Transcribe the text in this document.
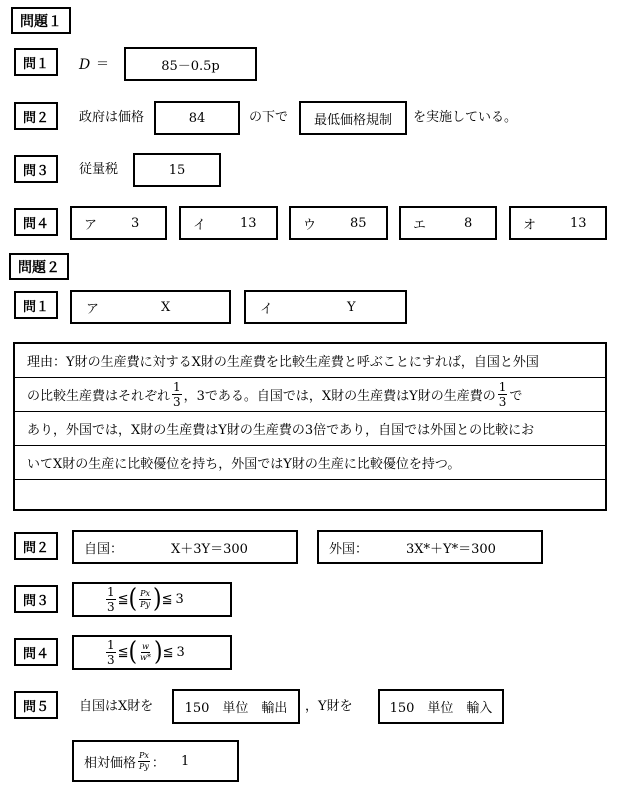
問題１
問１	D ＝	85－0.5p
問２	政府は価格	84	の下で 最低価格規制 を実施している。
問３	従量税	15
問４	ア	3	イ	13	ウ	85	エ	8	オ	13
問題２
問１	ア	X	イ	Y
理由：Y財の生産費に対するX財の生産費を比較生産費と呼ぶことにすれば，自国と外国
の比較生産費はそれぞれ $\frac{1}{3}$ ，3である。自国では，X財の生産費はY財の生産費の $\frac{1}{3}$ で
あり，外国では，X財の生産費はY財の生産費の3倍であり，自国では外国との比較にお
いてX財の生産に比較優位を持ち，外国ではY財の生産に比較優位を持つ。
問２	自国：	X＋3Y＝300	外国：	3X*＋Y*＝300
問３	$\frac{1}{3}$ ≦ ( $\frac{Px}{Py}$ ) ≦ 3
問４	$\frac{1}{3}$ ≦ ( $\frac{w}{w*}$ ) ≦ 3
問５	自国はX財を 150　単位　輸出 ，Y財を	150　単位　輸入
相対価格 $\frac{Px}{Py}$ ： 1
